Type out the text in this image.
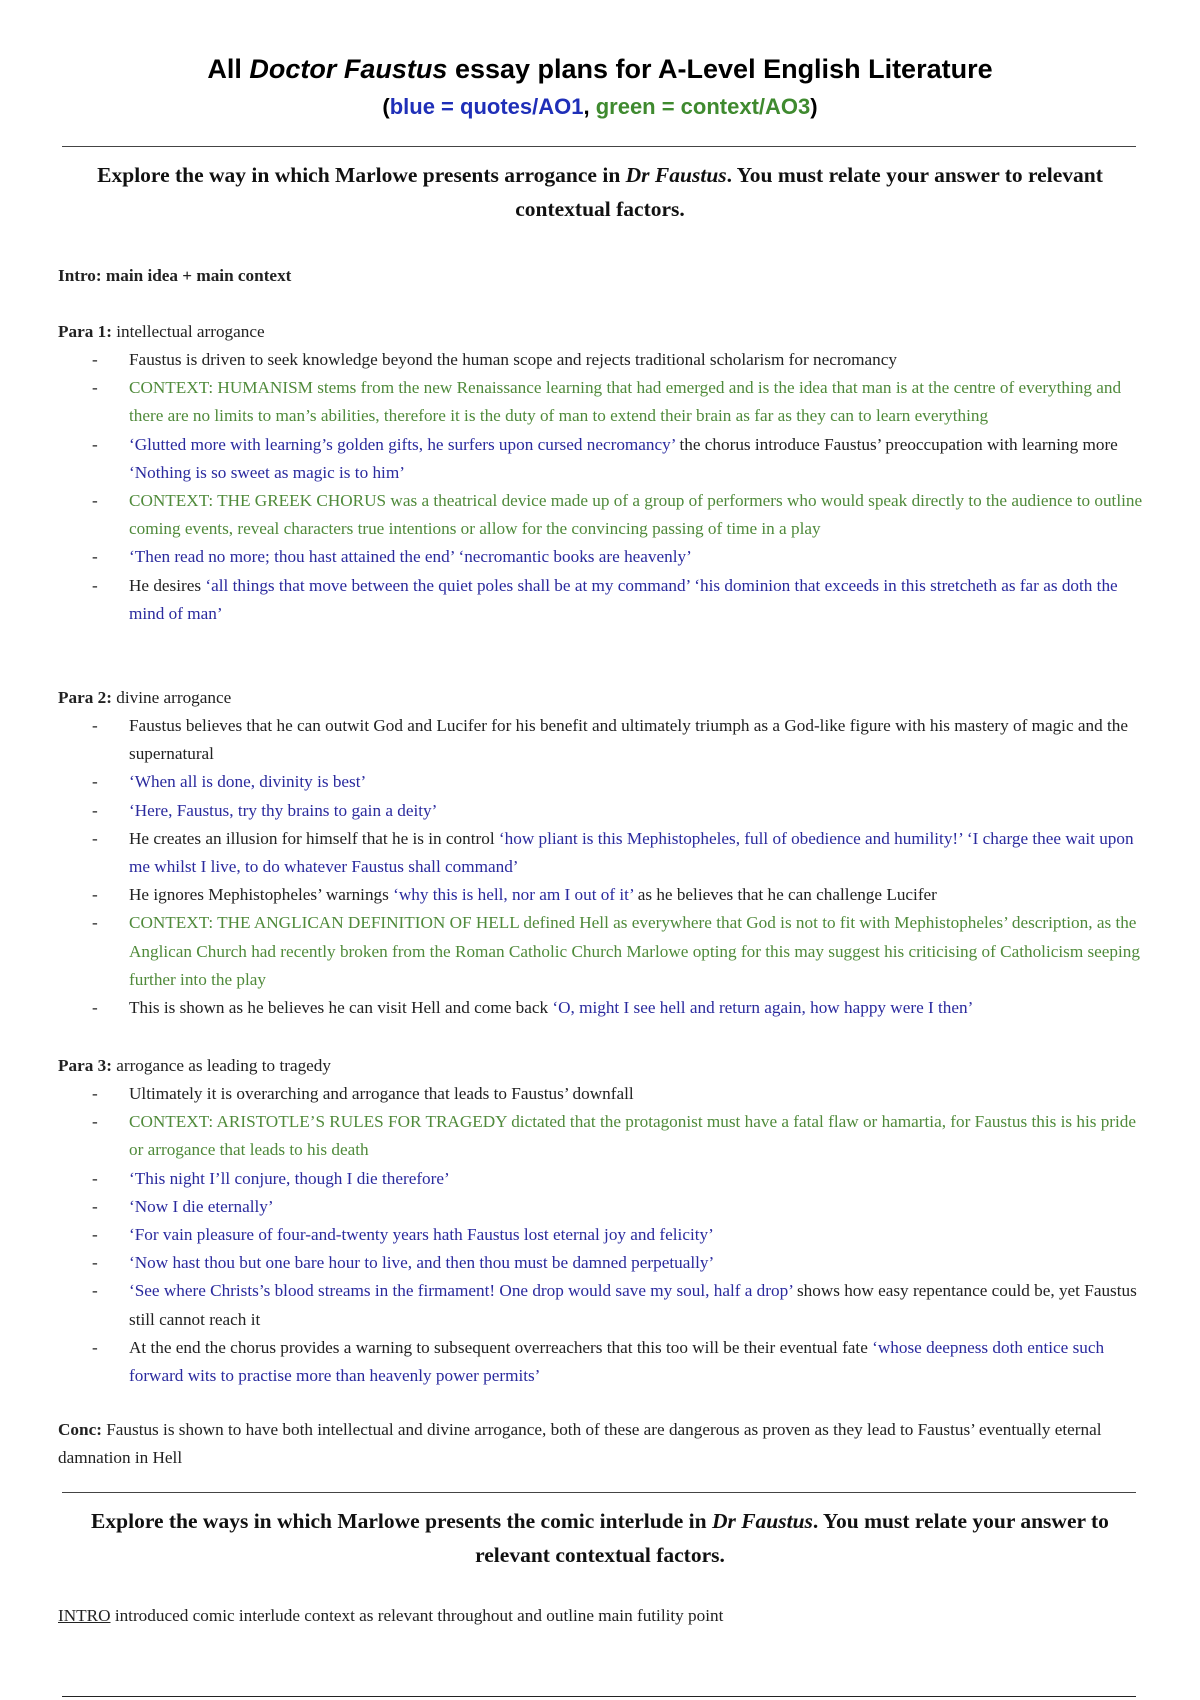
All Doctor Faustus essay plans for A-Level English Literature
(blue = quotes/AO1, green = context/AO3)
Explore the way in which Marlowe presents arrogance in Dr Faustus. You must relate your answer to relevant contextual factors.
Intro: main idea + main context
Para 1: intellectual arrogance
- Faustus is driven to seek knowledge beyond the human scope and rejects traditional scholarism for necromancy
- CONTEXT: HUMANISM stems from the new Renaissance learning that had emerged and is the idea that man is at the centre of everything and there are no limits to man’s abilities, therefore it is the duty of man to extend their brain as far as they can to learn everything
- ‘Glutted more with learning’s golden gifts, he surfers upon cursed necromancy’ the chorus introduce Faustus’ preoccupation with learning more ‘Nothing is so sweet as magic is to him’
- CONTEXT: THE GREEK CHORUS was a theatrical device made up of a group of performers who would speak directly to the audience to outline coming events, reveal characters true intentions or allow for the convincing passing of time in a play
- ‘Then read no more; thou hast attained the end’ ‘necromantic books are heavenly’
- He desires ‘all things that move between the quiet poles shall be at my command’ ‘his dominion that exceeds in this stretcheth as far as doth the mind of man’
Para 2: divine arrogance
- Faustus believes that he can outwit God and Lucifer for his benefit and ultimately triumph as a God-like figure with his mastery of magic and the supernatural
- ‘When all is done, divinity is best’
- ‘Here, Faustus, try thy brains to gain a deity’
- He creates an illusion for himself that he is in control ‘how pliant is this Mephistopheles, full of obedience and humility!’ ‘I charge thee wait upon me whilst I live, to do whatever Faustus shall command’
- He ignores Mephistopheles’ warnings ‘why this is hell, nor am I out of it’ as he believes that he can challenge Lucifer
- CONTEXT: THE ANGLICAN DEFINITION OF HELL defined Hell as everywhere that God is not to fit with Mephistopheles’ description, as the Anglican Church had recently broken from the Roman Catholic Church Marlowe opting for this may suggest his criticising of Catholicism seeping further into the play
- This is shown as he believes he can visit Hell and come back ‘O, might I see hell and return again, how happy were I then’
Para 3: arrogance as leading to tragedy
- Ultimately it is overarching and arrogance that leads to Faustus’ downfall
- CONTEXT: ARISTOTLE’S RULES FOR TRAGEDY dictated that the protagonist must have a fatal flaw or hamartia, for Faustus this is his pride or arrogance that leads to his death
- ‘This night I’ll conjure, though I die therefore’
- ‘Now I die eternally’
- ‘For vain pleasure of four-and-twenty years hath Faustus lost eternal joy and felicity’
- ‘Now hast thou but one bare hour to live, and then thou must be damned perpetually’
- ‘See where Christs’s blood streams in the firmament! One drop would save my soul, half a drop’ shows how easy repentance could be, yet Faustus still cannot reach it
- At the end the chorus provides a warning to subsequent overreachers that this too will be their eventual fate ‘whose deepness doth entice such forward wits to practise more than heavenly power permits’
Conc: Faustus is shown to have both intellectual and divine arrogance, both of these are dangerous as proven as they lead to Faustus’ eventually eternal damnation in Hell
Explore the ways in which Marlowe presents the comic interlude in Dr Faustus. You must relate your answer to relevant contextual factors.
INTRO introduced comic interlude context as relevant throughout and outline main futility point
